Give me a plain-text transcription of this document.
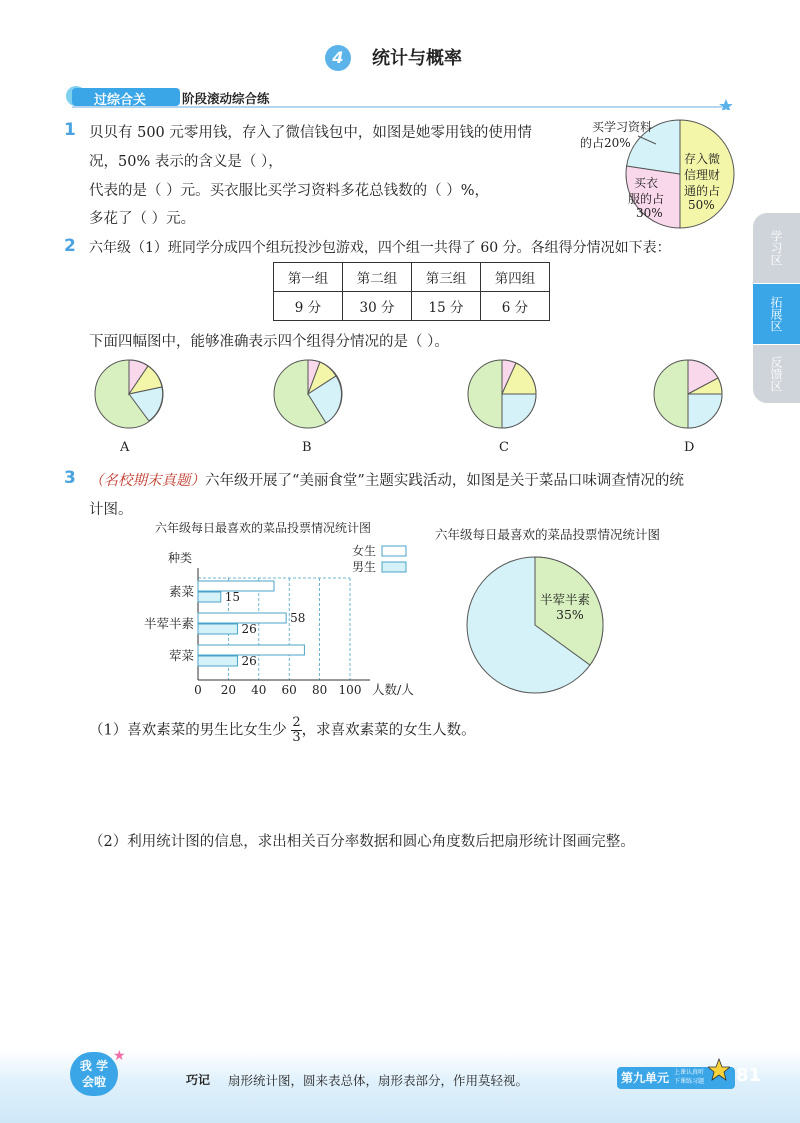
4	统计与概率
过综合关	阶段滚动综合练
学习区
拓展区
反馈区
1 贝贝有 500 元零用钱，存入了微信钱包中，如图是她零用钱的使用情
况，50% 表示的含义是（ ），
代表的是（ ）元。买衣服比买学习资料多花总钱数的（ ）%，
多花了（ ）元。
买学习资料
的占20%
买衣
服的占
30%
存入微
信理财
通的占
50%
2 六年级（1）班同学分成四个组玩投沙包游戏，四个组一共得了 60 分。各组得分情况如下表：
第一组	第二组	第三组	第四组
9 分	30 分	15 分	6 分
下面四幅图中，能够准确表示四个组得分情况的是（ ）。
A	B	C	D
3 （名校期末真题）六年级开展了“美丽食堂”主题实践活动，如图是关于菜品口味调查情况的统
计图。
六年级每日最喜欢的菜品投票情况统计图
种类	女生
男生
人数/人
0 20 40 60 80 100
素菜	15
半荤半素	58
26
荤菜	26
六年级每日最喜欢的菜品投票情况统计图
半荤半素
35%
（1）喜欢素菜的男生比女生少 $\frac{2}{3}$ ，求喜欢素菜的女生人数。
（2）利用统计图的信息，求出相关百分率数据和圆心角度数后把扇形统计图画完整。
我 学
会啦
★
巧记 扇形统计图，圆来表总体，扇形表部分，作用莫轻视。	第九单元 上课认真听
下课练习题 81
